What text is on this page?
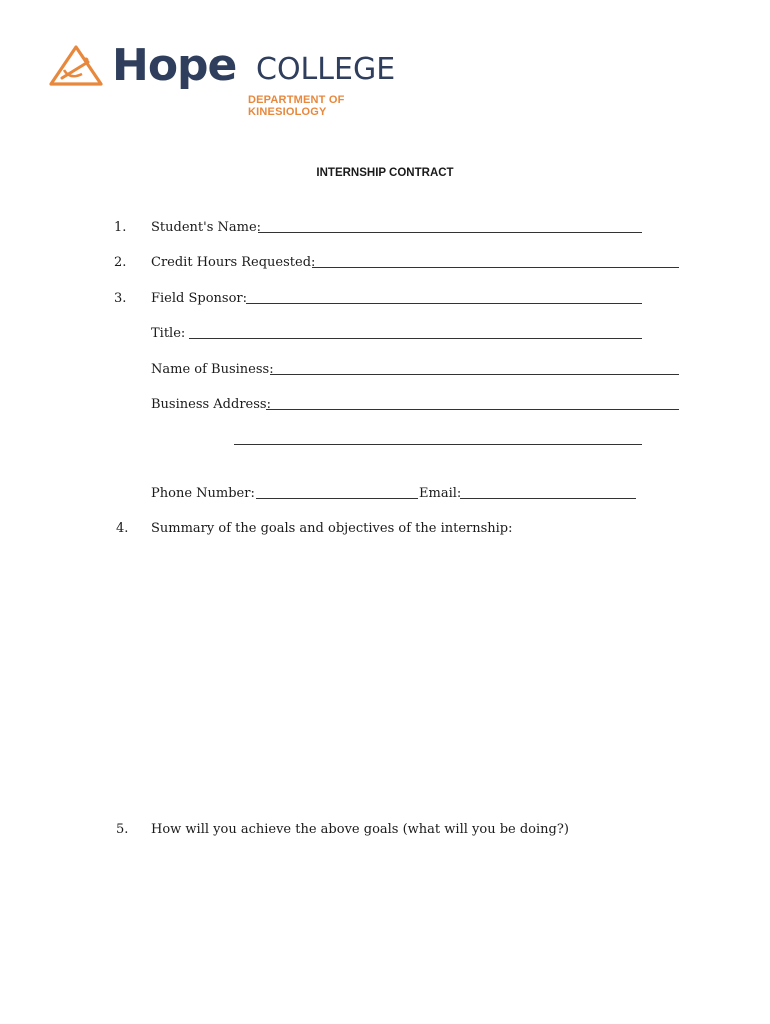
Hope COLLEGE
DEPARTMENT OF KINESIOLOGY
INTERNSHIP CONTRACT
1. Student's Name:
2. Credit Hours Requested:
3. Field Sponsor:
Title:
Name of Business:
Business Address:
Phone Number:	Email:
4. Summary of the goals and objectives of the internship:
5. How will you achieve the above goals (what will you be doing?)
